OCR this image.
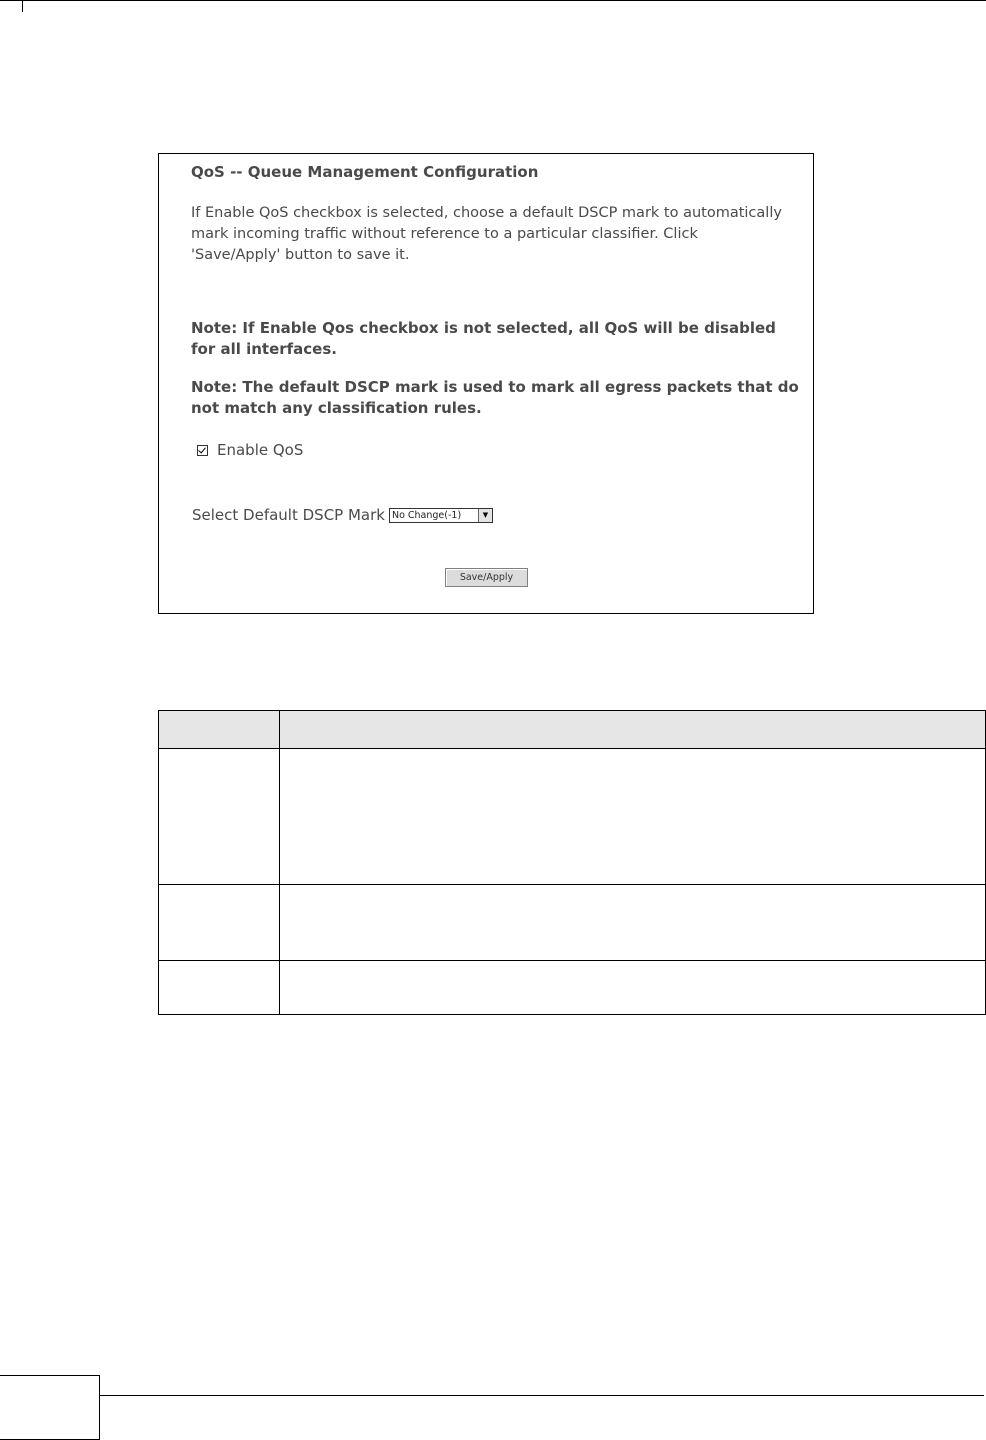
QoS -- Queue Management Configuration
If Enable QoS checkbox is selected, choose a default DSCP mark to automatically mark incoming traffic without reference to a particular classifier. Click 'Save/Apply' button to save it.
Note: If Enable Qos checkbox is not selected, all QoS will be disabled for all interfaces.
Note: The default DSCP mark is used to mark all egress packets that do not match any classification rules.
Enable QoS
Select Default DSCP Mark No Change(-1)	▼
Save/Apply
